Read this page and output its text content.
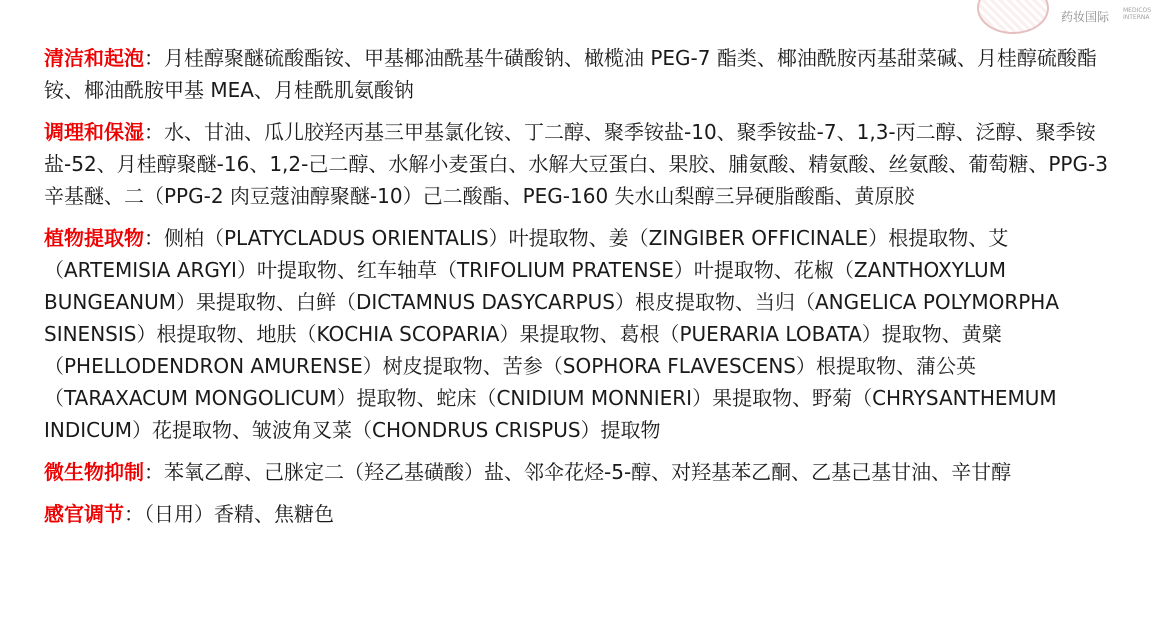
药妆国际 MEDICOS INTERNA

清洁和起泡：月桂醇聚醚硫酸酯铵、甲基椰油酰基牛磺酸钠、橄榄油 PEG-7 酯类、椰油酰胺丙基甜菜碱、月桂醇硫酸酯铵、椰油酰胺甲基 MEA、月桂酰肌氨酸钠

调理和保湿：水、甘油、瓜儿胶羟丙基三甲基氯化铵、丁二醇、聚季铵盐-10、聚季铵盐-7、1,3-丙二醇、泛醇、聚季铵盐-52、月桂醇聚醚-16、1,2-己二醇、水解小麦蛋白、水解大豆蛋白、果胶、脯氨酸、精氨酸、丝氨酸、葡萄糖、PPG-3 辛基醚、二（PPG-2 肉豆蔻油醇聚醚-10）己二酸酯、PEG-160 失水山梨醇三异硬脂酸酯、黄原胶

植物提取物：侧柏（PLATYCLADUS ORIENTALIS）叶提取物、姜（ZINGIBER OFFICINALE）根提取物、艾（ARTEMISIA ARGYI）叶提取物、红车轴草（TRIFOLIUM PRATENSE）叶提取物、花椒（ZANTHOXYLUM BUNGEANUM）果提取物、白鲜（DICTAMNUS DASYCARPUS）根皮提取物、当归（ANGELICA POLYMORPHA SINENSIS）根提取物、地肤（KOCHIA SCOPARIA）果提取物、葛根（PUERARIA LOBATA）提取物、黄檗（PHELLODENDRON AMURENSE）树皮提取物、苦参（SOPHORA FLAVESCENS）根提取物、蒲公英（TARAXACUM MONGOLICUM）提取物、蛇床（CNIDIUM MONNIERI）果提取物、野菊（CHRYSANTHEMUM INDICUM）花提取物、皱波角叉菜（CHONDRUS CRISPUS）提取物

微生物抑制：苯氧乙醇、己脒定二（羟乙基磺酸）盐、邻伞花烃-5-醇、对羟基苯乙酮、乙基己基甘油、辛甘醇

感官调节：（日用）香精、焦糖色
